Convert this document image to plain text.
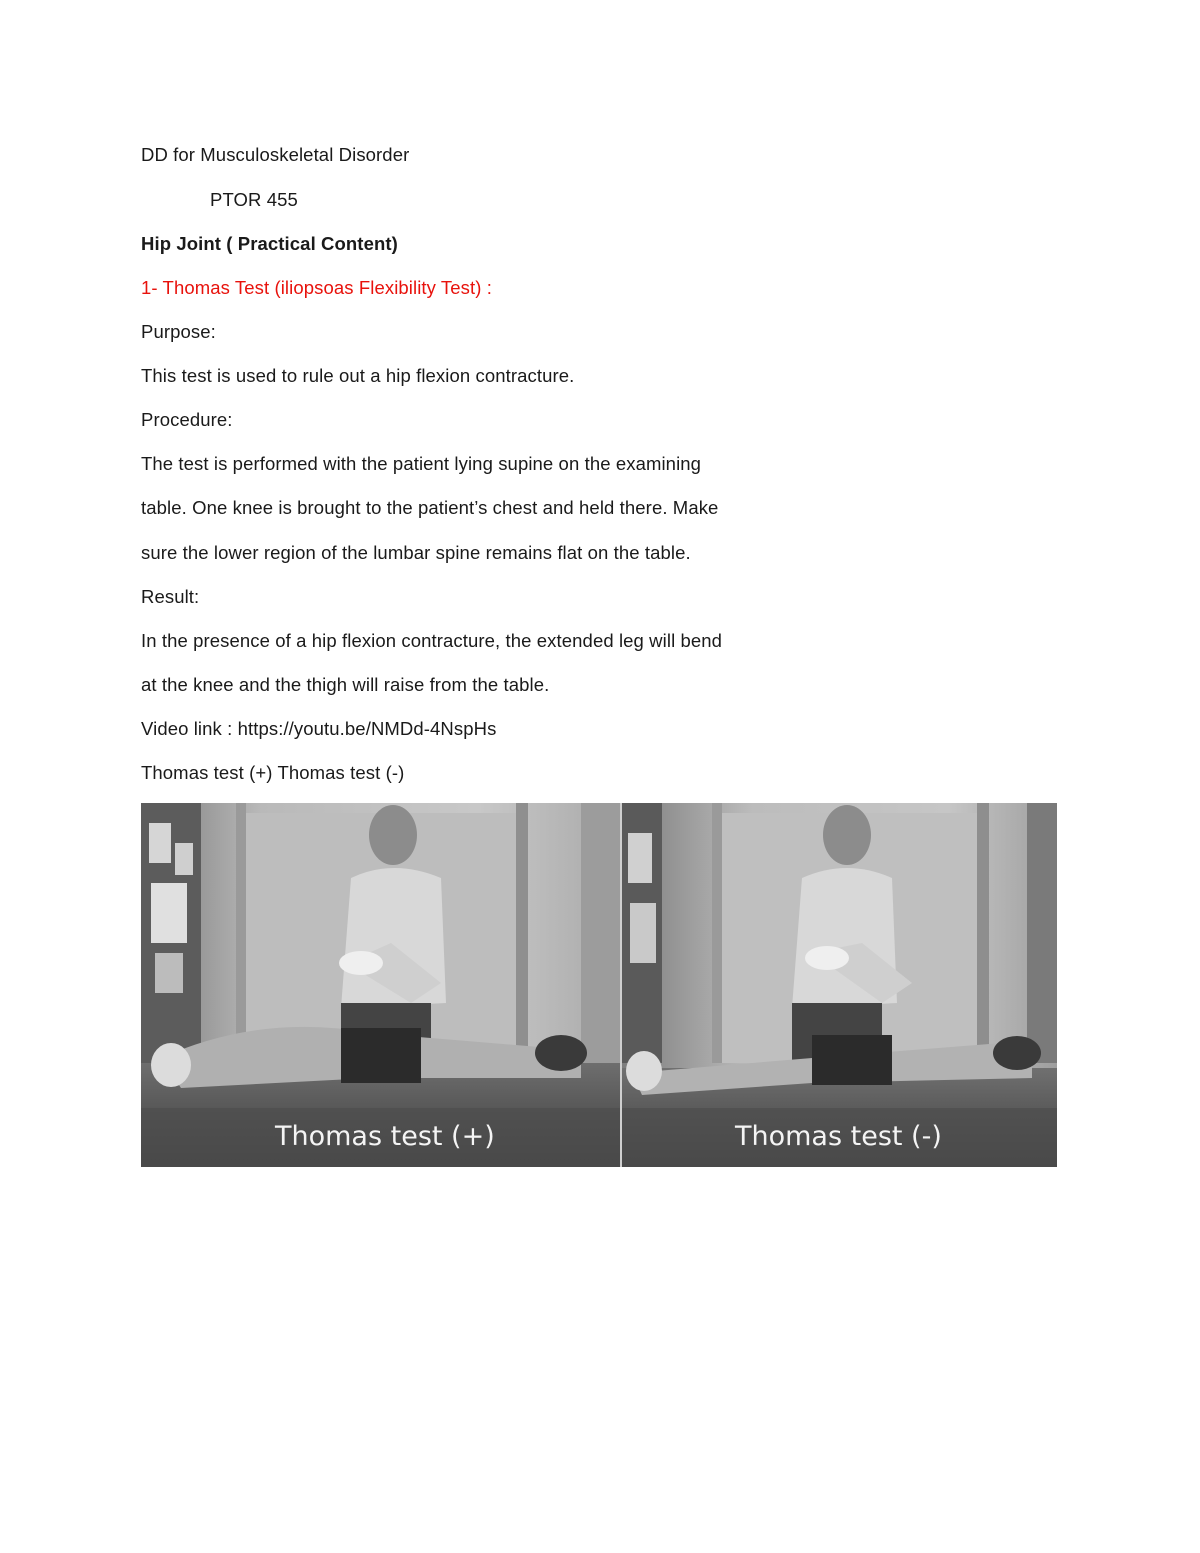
DD for Musculoskeletal Disorder
PTOR 455
Hip Joint ( Practical Content)
1- Thomas Test (iliopsoas Flexibility Test) :
Purpose:
This test is used to rule out a hip flexion contracture.
Procedure:
The test is performed with the patient lying supine on the examining
table. One knee is brought to the patient’s chest and held there. Make
sure the lower region of the lumbar spine remains flat on the table.
Result:
In the presence of a hip flexion contracture, the extended leg will bend
at the knee and the thigh will raise from the table.
Video link : https://youtu.be/NMDd-4NspHs
Thomas test (+) Thomas test (-)
Thomas test (+)	Thomas test (-)
